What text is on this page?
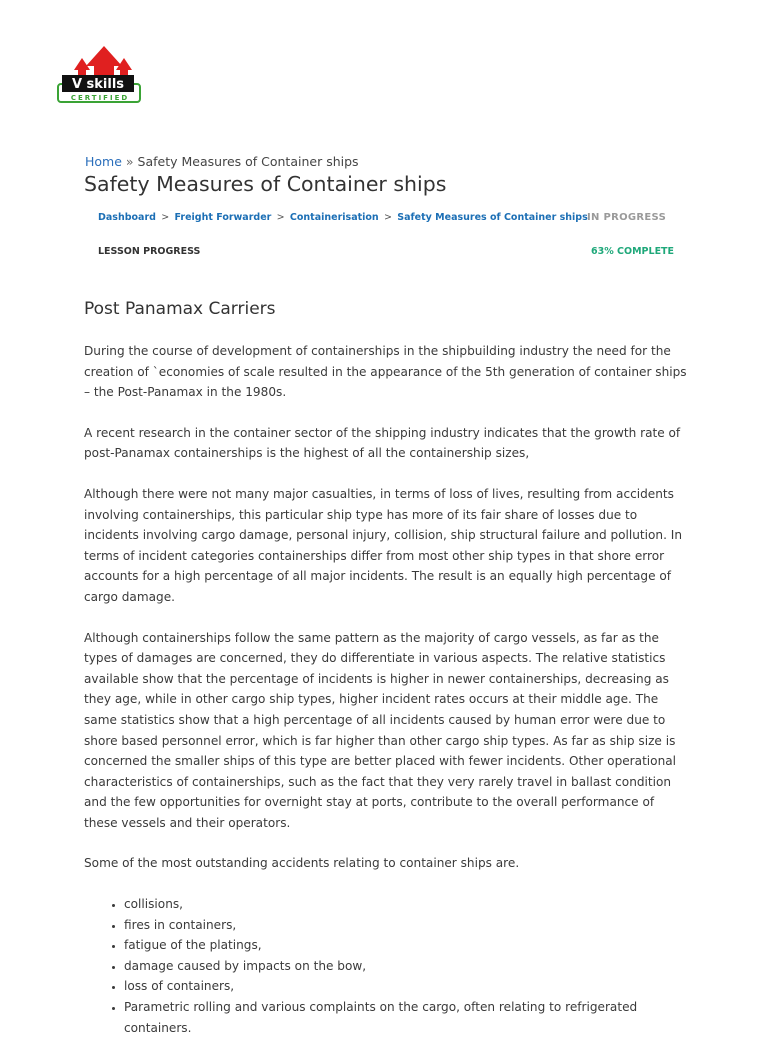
V skills
CERTIFIED
Home » Safety Measures of Container ships
Safety Measures of Container ships
Dashboard > Freight Forwarder > Containerisation > Safety Measures of Container ships IN PROGRESS
LESSON PROGRESS	63% COMPLETE
Post Panamax Carriers

During the course of development of containerships in the shipbuilding industry the need for the creation of `economies of scale resulted in the appearance of the 5th generation of container ships – the Post-Panamax in the 1980s.

A recent research in the container sector of the shipping industry indicates that the growth rate of post-Panamax containerships is the highest of all the containership sizes,

Although there were not many major casualties, in terms of loss of lives, resulting from accidents involving containerships, this particular ship type has more of its fair share of losses due to incidents involving cargo damage, personal injury, collision, ship structural failure and pollution. In terms of incident categories containerships differ from most other ship types in that shore error accounts for a high percentage of all major incidents. The result is an equally high percentage of cargo damage.

Although containerships follow the same pattern as the majority of cargo vessels, as far as the types of damages are concerned, they do differentiate in various aspects. The relative statistics available show that the percentage of incidents is higher in newer containerships, decreasing as they age, while in other cargo ship types, higher incident rates occurs at their middle age. The same statistics show that a high percentage of all incidents caused by human error were due to shore based personnel error, which is far higher than other cargo ship types. As far as ship size is concerned the smaller ships of this type are better placed with fewer incidents. Other operational characteristics of containerships, such as the fact that they very rarely travel in ballast condition and the few opportunities for overnight stay at ports, contribute to the overall performance of these vessels and their operators.

Some of the most outstanding accidents relating to container ships are.

• collisions,
• fires in containers,
• fatigue of the platings,
• damage caused by impacts on the bow,
• loss of containers,
• Parametric rolling and various complaints on the cargo, often relating to refrigerated containers.
